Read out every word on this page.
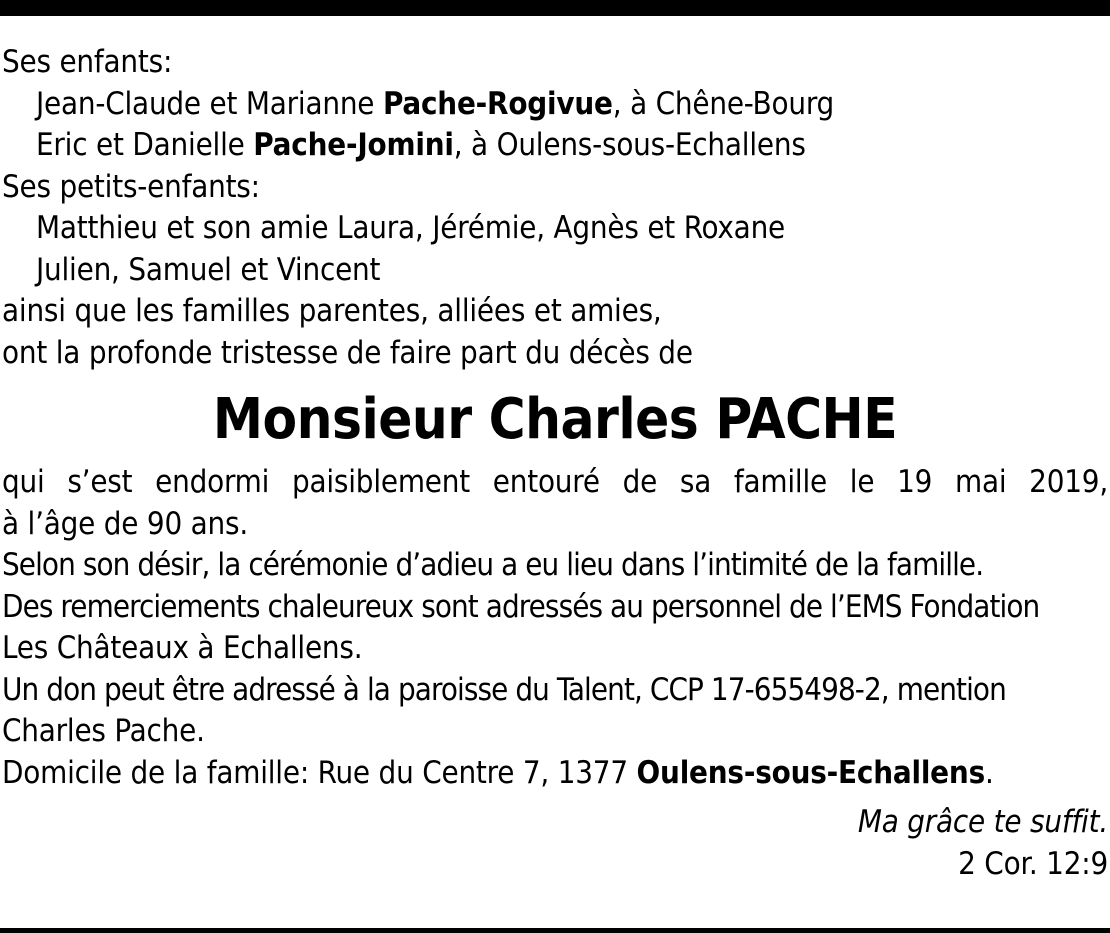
Ses enfants:
Jean-Claude et Marianne Pache-Rogivue, à Chêne-Bourg
Eric et Danielle Pache-Jomini, à Oulens-sous-Echallens
Ses petits-enfants:
Matthieu et son amie Laura, Jérémie, Agnès et Roxane
Julien, Samuel et Vincent
ainsi que les familles parentes, alliées et amies,
ont la profonde tristesse de faire part du décès de
Monsieur Charles PACHE
qui s’est endormi paisiblement entouré de sa famille le 19 mai 2019,
à l’âge de 90 ans.
Selon son désir, la cérémonie d’adieu a eu lieu dans l’intimité de la famille.
Des remerciements chaleureux sont adressés au personnel de l’EMS Fondation
Les Châteaux à Echallens.
Un don peut être adressé à la paroisse du Talent, CCP 17-655498-2, mention
Charles Pache.
Domicile de la famille: Rue du Centre 7, 1377 Oulens-sous-Echallens.
Ma grâce te suffit.
2 Cor. 12:9
